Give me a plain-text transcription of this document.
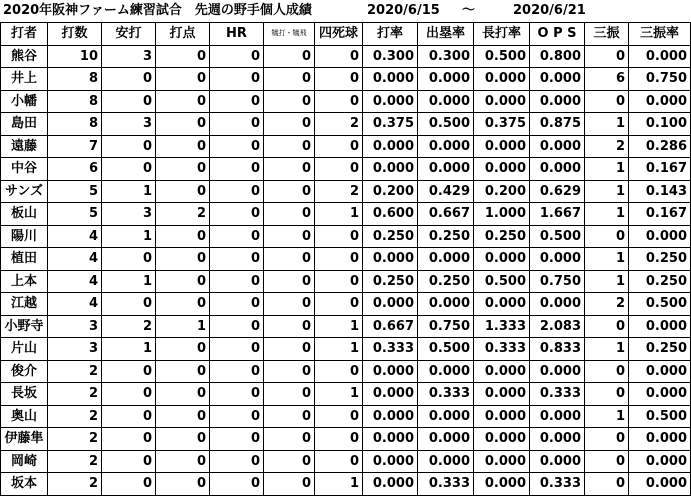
2020年阪神ファーム練習試合　先週の野手個人成績	2020/6/15 ～	2020/6/21
打者	打数	安打	打点	HR	犠打・犠飛	四死球	打率	出塁率	長打率	O P S	三振	三振率
熊谷	10	3	0	0	0	0	0.300	0.300	0.500	0.800	0	0.000
井上	8	0	0	0	0	0	0.000	0.000	0.000	0.000	6	0.750
小幡	8	0	0	0	0	0	0.000	0.000	0.000	0.000	0	0.000
島田	8	3	0	0	0	2	0.375	0.500	0.375	0.875	1	0.100
遠藤	7	0	0	0	0	0	0.000	0.000	0.000	0.000	2	0.286
中谷	6	0	0	0	0	0	0.000	0.000	0.000	0.000	1	0.167
サンズ	5	1	0	0	0	2	0.200	0.429	0.200	0.629	1	0.143
板山	5	3	2	0	0	1	0.600	0.667	1.000	1.667	1	0.167
陽川	4	1	0	0	0	0	0.250	0.250	0.250	0.500	0	0.000
植田	4	0	0	0	0	0	0.000	0.000	0.000	0.000	1	0.250
上本	4	1	0	0	0	0	0.250	0.250	0.500	0.750	1	0.250
江越	4	0	0	0	0	0	0.000	0.000	0.000	0.000	2	0.500
小野寺	3	2	1	0	0	1	0.667	0.750	1.333	2.083	0	0.000
片山	3	1	0	0	0	1	0.333	0.500	0.333	0.833	1	0.250
俊介	2	0	0	0	0	0	0.000	0.000	0.000	0.000	0	0.000
長坂	2	0	0	0	0	1	0.000	0.333	0.000	0.333	0	0.000
奥山	2	0	0	0	0	0	0.000	0.000	0.000	0.000	1	0.500
伊藤隼	2	0	0	0	0	0	0.000	0.000	0.000	0.000	0	0.000
岡崎	2	0	0	0	0	0	0.000	0.000	0.000	0.000	0	0.000
坂本	2	0	0	0	0	1	0.000	0.333	0.000	0.333	0	0.000
